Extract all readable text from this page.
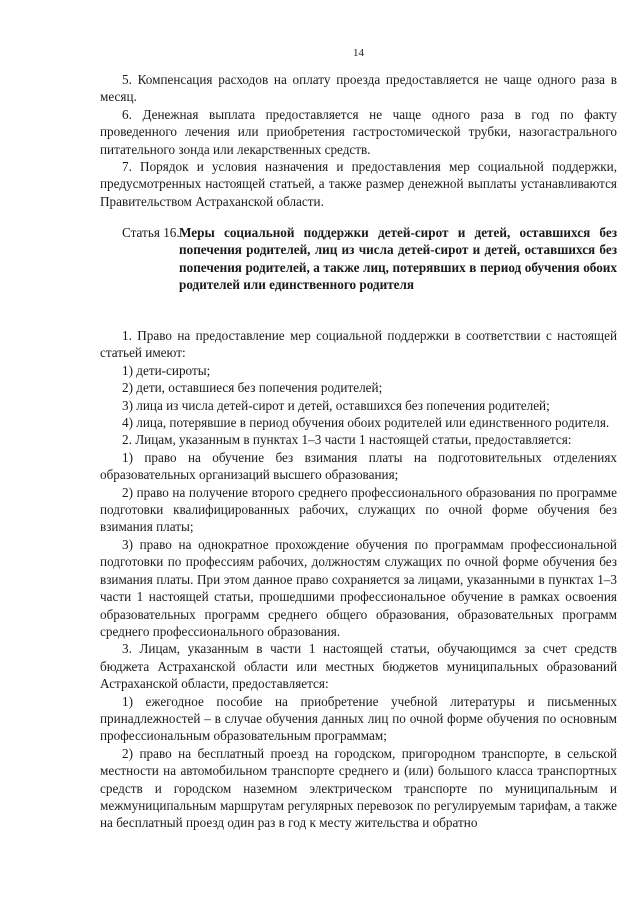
14

5. Компенсация расходов на оплату проезда предоставляется не чаще одного раза в месяц.

6. Денежная выплата предоставляется не чаще одного раза в год по факту проведенного лечения или приобретения гастростомической трубки, назогастрального питательного зонда или лекарственных средств.

7. Порядок и условия назначения и предоставления мер социальной поддержки, предусмотренных настоящей статьей, а также размер денежной выплаты устанавливаются Правительством Астраханской области.

Статья 16. Меры социальной поддержки детей-сирот и детей, оставшихся без попечения родителей, лиц из числа детей-сирот и детей, оставшихся без попечения родителей, а также лиц, потерявших в период обучения обоих родителей или единственного родителя

1. Право на предоставление мер социальной поддержки в соответствии с настоящей статьей имеют:

1) дети-сироты;

2) дети, оставшиеся без попечения родителей;

3) лица из числа детей-сирот и детей, оставшихся без попечения родителей;

4) лица, потерявшие в период обучения обоих родителей или единственного родителя.

2. Лицам, указанным в пунктах 1–3 части 1 настоящей статьи, предоставляется:

1) право на обучение без взимания платы на подготовительных отделениях образовательных организаций высшего образования;

2) право на получение второго среднего профессионального образования по программе подготовки квалифицированных рабочих, служащих по очной форме обучения без взимания платы;

3) право на однократное прохождение обучения по программам профессиональной подготовки по профессиям рабочих, должностям служащих по очной форме обучения без взимания платы. При этом данное право сохраняется за лицами, указанными в пунктах 1–3 части 1 настоящей статьи, прошедшими профессиональное обучение в рамках освоения образовательных программ среднего общего образования, образовательных программ среднего профессионального образования.

3. Лицам, указанным в части 1 настоящей статьи, обучающимся за счет средств бюджета Астраханской области или местных бюджетов муниципальных образований Астраханской области, предоставляется:

1) ежегодное пособие на приобретение учебной литературы и письменных принадлежностей – в случае обучения данных лиц по очной форме обучения по основным профессиональным образовательным программам;

2) право на бесплатный проезд на городском, пригородном транспорте, в сельской местности на автомобильном транспорте среднего и (или) большого класса транспортных средств и городском наземном электрическом транспорте по муниципальным и межмуниципальным маршрутам регулярных перевозок по регулируемым тарифам, а также на бесплатный проезд один раз в год к месту жительства и обратно
